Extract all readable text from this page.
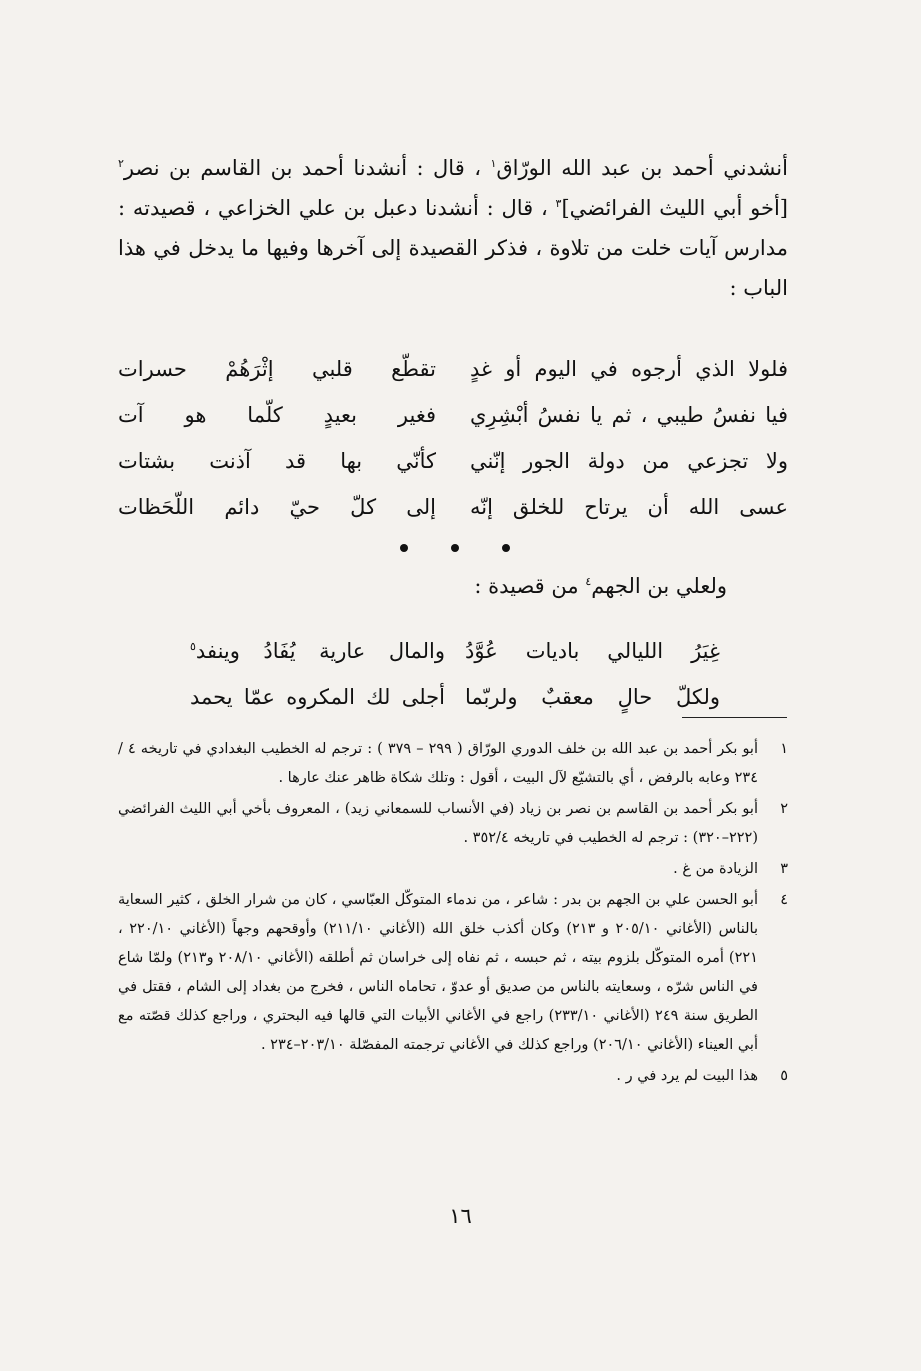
أنشدني أحمد بن عبد الله الورّاق$^١$ ، قال : أنشدنا أحمد بن القاسم بن نصر$^٢$ [أخو أبي الليث الفرائضي]$^٣$ ، قال : أنشدنا دعبل بن علي الخزاعي ، قصيدته : مدارس آيات خلت من تلاوة ، فذكر القصيدة إلى آخرها وفيها ما يدخل في هذا الباب :

فلولا الذي أرجوه في اليوم أو غدٍ
تقطّع قلبي إثْرَهُمْ حسرات
فيا نفسُ طيبي ، ثم يا نفسُ أبْشِرِي
فغير بعيدٍ كلّما هو آت
ولا تجزعي من دولة الجور إنّني
كأنّي بها قد آذنت بشتات
عسى الله أن يرتاح للخلق إنّه
إلى كلّ حيّ دائم اللّحَظات
ولعلي بن الجهم$^٤$ من قصيدة :
غِيَرُ الليالي باديات عُوَّدُ
والمال عارية يُفَادُ وينفد$^٥$
ولكلّ حالٍ معقبٌ ولربّما
أجلى لك المكروه عمّا يحمد
١
أبو بكر أحمد بن عبد الله بن خلف الدوري الورّاق ( ٢٩٩ – ٣٧٩ ) : ترجم له الخطيب البغدادي في تاريخه ٤ / ٢٣٤ وعابه بالرفض ، أي بالتشيّع لآل البيت ، أقول : وتلك شكاة ظاهر عنك عارها .
٢
أبو بكر أحمد بن القاسم بن نصر بن زياد (في الأنساب للسمعاني زيد) ، المعروف بأخي أبي الليث الفرائضي (٢٢٢–٣٢٠) : ترجم له الخطيب في تاريخه ٣٥٢/٤ .
٣
الزيادة من غ .
٤
أبو الحسن علي بن الجهم بن بدر : شاعر ، من ندماء المتوكّل العبّاسي ، كان من شرار الخلق ، كثير السعاية بالناس (الأغاني ٢٠٥/١٠ و ٢١٣) وكان أكذب خلق الله (الأغاني ٢١١/١٠) وأوقحهم وجهاً (الأغاني ٢٢٠/١٠ ، ٢٢١) أمره المتوكّل بلزوم بيته ، ثم حبسه ، ثم نفاه إلى خراسان ثم أطلقه (الأغاني ٢٠٨/١٠ و٢١٣) ولمّا شاع في الناس شرّه ، وسعايته بالناس من صديق أو عدوّ ، تحاماه الناس ، فخرج من بغداد إلى الشام ، فقتل في الطريق سنة ٢٤٩ (الأغاني ٢٣٣/١٠) راجع في الأغاني الأبيات التي قالها فيه البحتري ، وراجع كذلك قصّته مع أبي العيناء (الأغاني ٢٠٦/١٠) وراجع كذلك في الأغاني ترجمته المفصّلة ٢٠٣/١٠–٢٣٤ .
٥
هذا البيت لم يرد في ر .
١٦
